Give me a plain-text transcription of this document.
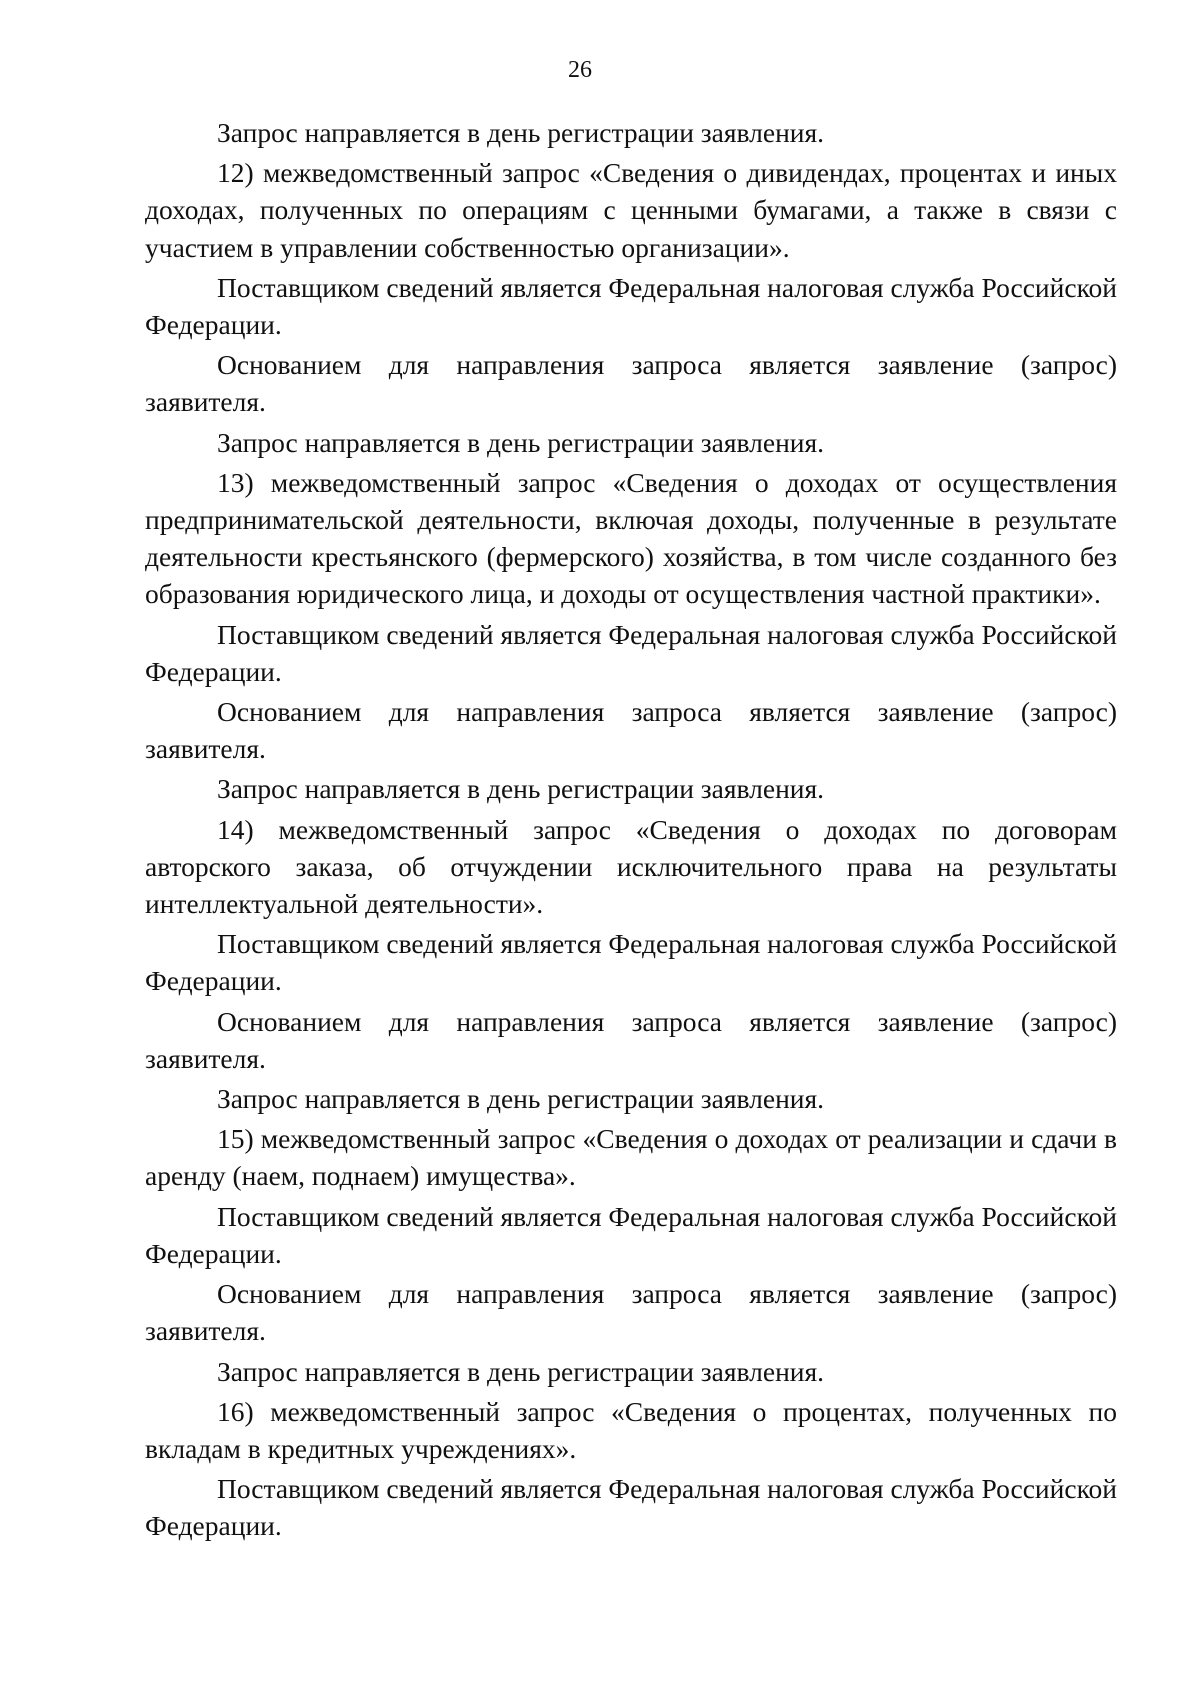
26

Запрос направляется в день регистрации заявления.

12) межведомственный запрос «Сведения о дивидендах, процентах и иных доходах, полученных по операциям с ценными бумагами, а также в связи с участием в управлении собственностью организации».

Поставщиком сведений является Федеральная налоговая служба Российской Федерации.

Основанием для направления запроса является заявление (запрос) заявителя.

Запрос направляется в день регистрации заявления.

13) межведомственный запрос «Сведения о доходах от осуществления предпринимательской деятельности, включая доходы, полученные в результате деятельности крестьянского (фермерского) хозяйства, в том числе созданного без образования юридического лица, и доходы от осуществления частной практики».

Поставщиком сведений является Федеральная налоговая служба Российской Федерации.

Основанием для направления запроса является заявление (запрос) заявителя.

Запрос направляется в день регистрации заявления.

14) межведомственный запрос «Сведения о доходах по договорам авторского заказа, об отчуждении исключительного права на результаты интеллектуальной деятельности».

Поставщиком сведений является Федеральная налоговая служба Российской Федерации.

Основанием для направления запроса является заявление (запрос) заявителя.

Запрос направляется в день регистрации заявления.

15) межведомственный запрос «Сведения о доходах от реализации и сдачи в аренду (наем, поднаем) имущества».

Поставщиком сведений является Федеральная налоговая служба Российской Федерации.

Основанием для направления запроса является заявление (запрос) заявителя.

Запрос направляется в день регистрации заявления.

16) межведомственный запрос «Сведения о процентах, полученных по вкладам в кредитных учреждениях».

Поставщиком сведений является Федеральная налоговая служба Российской Федерации.
